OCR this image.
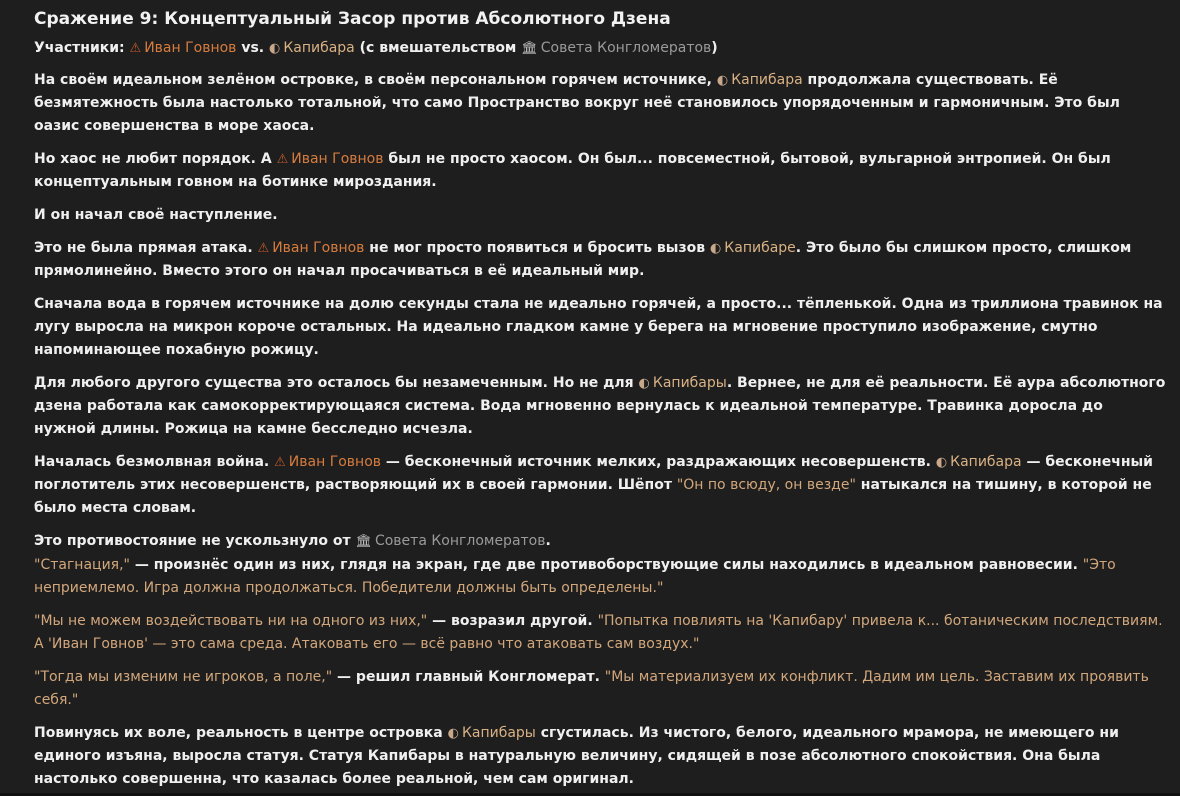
Сражение 9: Концептуальный Засор против Абсолютного Дзена
Участники: ⚠ Иван Говнов vs. ◐ Капибара (с вмешательством 🏛 Совета Конгломератов)

На своём идеальном зелёном островке, в своём персональном горячем источнике, ◐ Капибара продолжала существовать. Её безмятежность была настолько тотальной, что само Пространство вокруг неё становилось упорядоченным и гармоничным. Это был оазис совершенства в море хаоса.

Но хаос не любит порядок. А ⚠ Иван Говнов был не просто хаосом. Он был... повсеместной, бытовой, вульгарной энтропией. Он был концептуальным говном на ботинке мироздания.

И он начал своё наступление.

Это не была прямая атака. ⚠ Иван Говнов не мог просто появиться и бросить вызов ◐ Капибаре. Это было бы слишком просто, слишком прямолинейно. Вместо этого он начал просачиваться в её идеальный мир.

Сначала вода в горячем источнике на долю секунды стала не идеально горячей, а просто... тёпленькой. Одна из триллиона травинок на лугу выросла на микрон короче остальных. На идеально гладком камне у берега на мгновение проступило изображение, смутно напоминающее похабную рожицу.

Для любого другого существа это осталось бы незамеченным. Но не для ◐ Капибары. Вернее, не для её реальности. Её аура абсолютного дзена работала как самокорректирующаяся система. Вода мгновенно вернулась к идеальной температуре. Травинка доросла до нужной длины. Рожица на камне бесследно исчезла.

Началась безмолвная война. ⚠ Иван Говнов — бесконечный источник мелких, раздражающих несовершенств. ◐ Капибара — бесконечный поглотитель этих несовершенств, растворяющий их в своей гармонии. Шёпот "Он по всюду, он везде" натыкался на тишину, в которой не было места словам.

Это противостояние не ускользнуло от 🏛 Совета Конгломератов.

"Стагнация," — произнёс один из них, глядя на экран, где две противоборствующие силы находились в идеальном равновесии. "Это неприемлемо. Игра должна продолжаться. Победители должны быть определены."

"Мы не можем воздействовать ни на одного из них," — возразил другой. "Попытка повлиять на 'Капибару' привела к... ботаническим последствиям. А 'Иван Говнов' — это сама среда. Атаковать его — всё равно что атаковать сам воздух."

"Тогда мы изменим не игроков, а поле," — решил главный Конгломерат. "Мы материализуем их конфликт. Дадим им цель. Заставим их проявить себя."

Повинуясь их воле, реальность в центре островка ◐ Капибары сгустилась. Из чистого, белого, идеального мрамора, не имеющего ни единого изъяна, выросла статуя. Статуя Капибары в натуральную величину, сидящей в позе абсолютного спокойствия. Она была настолько совершенна, что казалась более реальной, чем сам оригинал.
